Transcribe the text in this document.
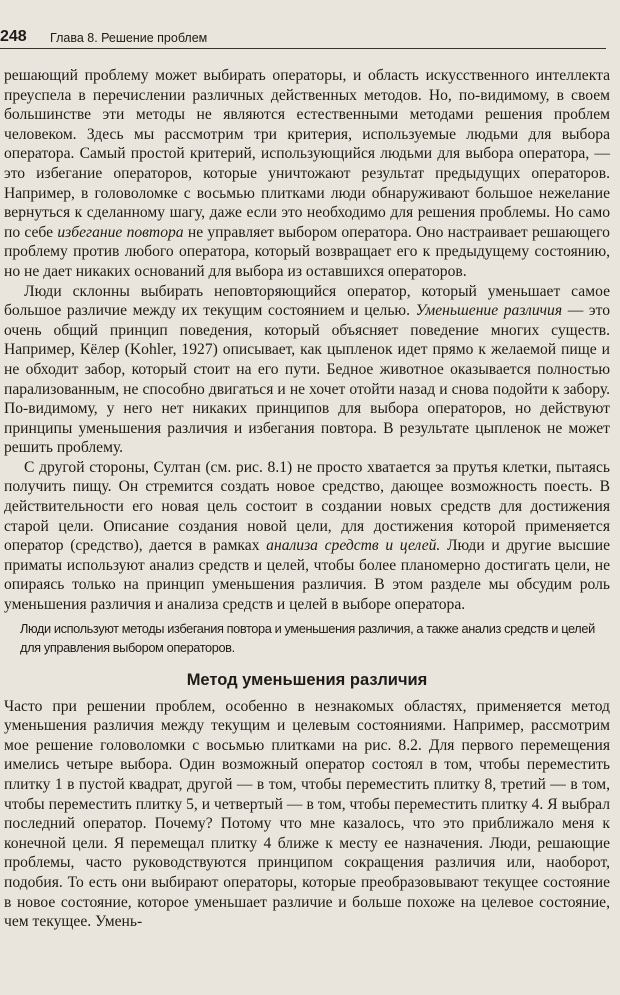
248 Глава 8. Решение проблем

решающий проблему может выбирать операторы, и область искусственного интеллекта преуспела в перечислении различных действенных методов. Но, по-видимому, в своем большинстве эти методы не являются естественными методами решения проблем человеком. Здесь мы рассмотрим три критерия, используемые людьми для выбора оператора. Самый простой критерий, использующийся людьми для выбора оператора, — это избегание операторов, которые уничтожают результат предыдущих операторов. Например, в головоломке с восьмью плитками люди обнаруживают большое нежелание вернуться к сделанному шагу, даже если это необходимо для решения проблемы. Но само по себе избегание повтора не управляет выбором оператора. Оно настраивает решающего проблему против любого оператора, который возвращает его к предыдущему состоянию, но не дает никаких оснований для выбора из оставшихся операторов.

Люди склонны выбирать неповторяющийся оператор, который уменьшает самое большое различие между их текущим состоянием и целью. Уменьшение различия — это очень общий принцип поведения, который объясняет поведение многих существ. Например, Кёлер (Kohler, 1927) описывает, как цыпленок идет прямо к желаемой пище и не обходит забор, который стоит на его пути. Бедное животное оказывается полностью парализованным, не способно двигаться и не хочет отойти назад и снова подойти к забору. По-видимому, у него нет никаких принципов для выбора операторов, но действуют принципы уменьшения различия и избегания повтора. В результате цыпленок не может решить проблему.

С другой стороны, Султан (см. рис. 8.1) не просто хватается за прутья клетки, пытаясь получить пищу. Он стремится создать новое средство, дающее возможность поесть. В действительности его новая цель состоит в создании новых средств для достижения старой цели. Описание создания новой цели, для достижения которой применяется оператор (средство), дается в рамках анализа средств и целей. Люди и другие высшие приматы используют анализ средств и целей, чтобы более планомерно достигать цели, не опираясь только на принцип уменьшения различия. В этом разделе мы обсудим роль уменьшения различия и анализа средств и целей в выборе оператора.

Люди используют методы избегания повтора и уменьшения различия, а также анализ средств и целей для управления выбором операторов.
Метод уменьшения различия

Часто при решении проблем, особенно в незнакомых областях, применяется метод уменьшения различия между текущим и целевым состояниями. Например, рассмотрим мое решение головоломки с восьмью плитками на рис. 8.2. Для первого перемещения имелись четыре выбора. Один возможный оператор состоял в том, чтобы переместить плитку 1 в пустой квадрат, другой — в том, чтобы переместить плитку 8, третий — в том, чтобы переместить плитку 5, и четвертый — в том, чтобы переместить плитку 4. Я выбрал последний оператор. Почему? Потому что мне казалось, что это приближало меня к конечной цели. Я перемещал плитку 4 ближе к месту ее назначения. Люди, решающие проблемы, часто руководствуются принципом сокращения различия или, наоборот, подобия. То есть они выбирают операторы, которые преобразовывают текущее состояние в новое состояние, которое уменьшает различие и больше похоже на целевое состояние, чем текущее. Умень-
